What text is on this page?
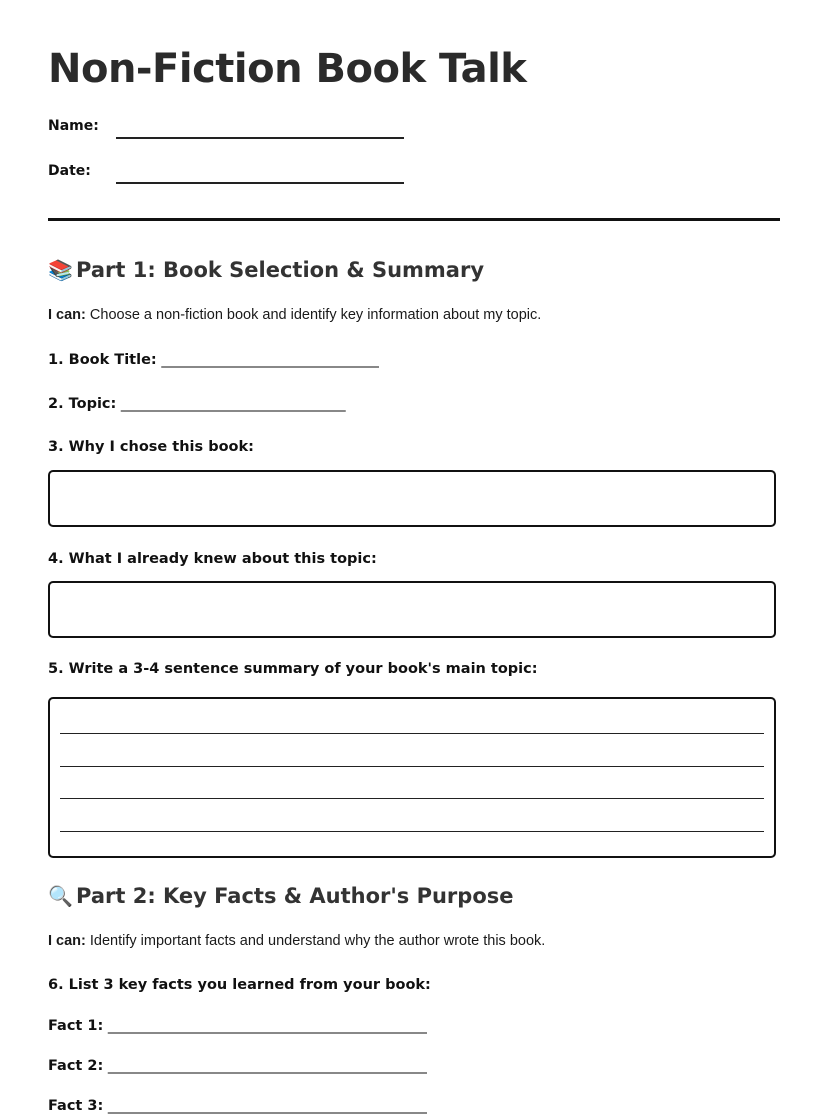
Non-Fiction Book Talk
Name:
Date:
📚 Part 1: Book Selection & Summary
I can: Choose a non-fiction book and identify key information about my topic.
1. Book Title: ______________________________
2. Topic: _______________________________
3. Why I chose this book:
4. What I already knew about this topic:
5. Write a 3-4 sentence summary of your book's main topic:
🔍 Part 2: Key Facts & Author's Purpose
I can: Identify important facts and understand why the author wrote this book.
6. List 3 key facts you learned from your book:
Fact 1: ____________________________________________
Fact 2: ____________________________________________
Fact 3: ____________________________________________
